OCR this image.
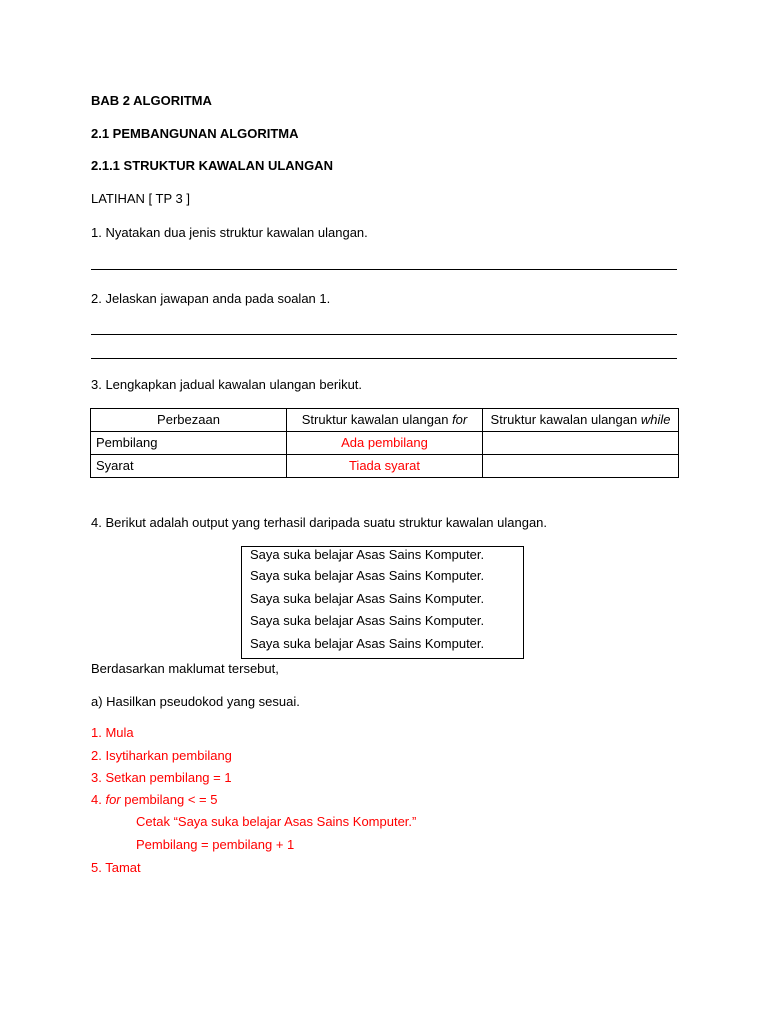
BAB 2 ALGORITMA
2.1 PEMBANGUNAN ALGORITMA
2.1.1 STRUKTUR KAWALAN ULANGAN
LATIHAN [ TP 3 ]
1. Nyatakan dua jenis struktur kawalan ulangan.
2. Jelaskan jawapan anda pada soalan 1.
3. Lengkapkan jadual kawalan ulangan berikut.
Perbezaan	Struktur kawalan ulangan for	Struktur kawalan ulangan while
Pembilang	Ada pembilang	
Syarat	Tiada syarat	
4. Berikut adalah output yang terhasil daripada suatu struktur kawalan ulangan.
Saya suka belajar Asas Sains Komputer.
Saya suka belajar Asas Sains Komputer.
Saya suka belajar Asas Sains Komputer.
Saya suka belajar Asas Sains Komputer.
Saya suka belajar Asas Sains Komputer.
Berdasarkan maklumat tersebut,
a) Hasilkan pseudokod yang sesuai.
1. Mula
2. Isytiharkan pembilang
3. Setkan pembilang = 1
4. for pembilang < = 5
Cetak “Saya suka belajar Asas Sains Komputer.”
Pembilang = pembilang + 1
5. Tamat
